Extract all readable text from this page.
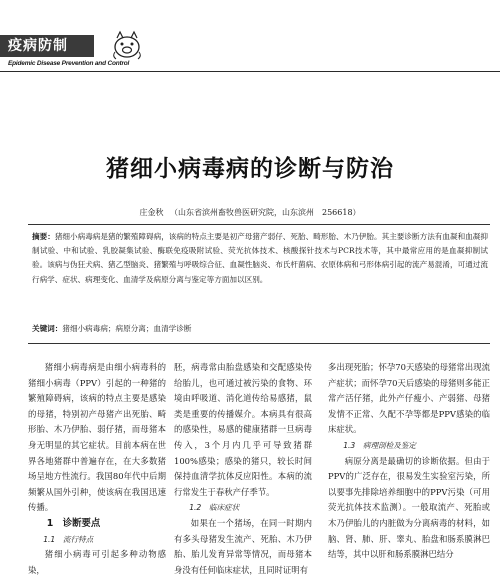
疫病防制
Epidemic Disease Prevention and Control
猪细小病毒病的诊断与防治
庄金秋 （山东省滨州畜牧兽医研究院，山东滨州　256618）
摘要：猪细小病毒病是猪的繁殖障碍病，该病的特点主要是初产母猪产弱仔、死胎、畸形胎、木乃伊胎。其主要诊断方法有血凝和血凝抑制试验、中和试验、乳胶凝集试验、酶联免疫吸附试验、荧光抗体技术、核酸探针技术与PCR技术等，其中最常应用的是血凝抑制试验。该病与伪狂犬病、猪乙型脑炎、猪繁殖与呼吸综合征、血凝性脑炎、布氏杆菌病、衣原体病和弓形体病引起的流产易混淆，可通过流行病学、症状、病理变化、血清学及病原分离与鉴定等方面加以区别。
关键词：猪细小病毒病；病原分离；血清学诊断

猪细小病毒病是由细小病毒科的猪细小病毒（PPV）引起的一种猪的繁殖障碍病，该病的特点主要是感染的母猪，特别初产母猪产出死胎、畸形胎、木乃伊胎、弱仔猪，而母猪本身无明显的其它症状。目前本病在世界各地猪群中普遍存在，在大多数猪场呈地方性流行。我国80年代中后期频繁从国外引种，使该病在我国迅速传播。

1　诊断要点

1.1　流行特点

猪细小病毒可引起多种动物感染，

胚，病毒常由胎盘感染和交配感染传给胎儿，也可通过被污染的食物、环境由呼吸道、消化道传给易感猪，鼠类是重要的传播媒介。本病具有很高的感染性，易感的健康猪群一旦病毒传入，3个月内几乎可导致猪群100%感染；感染的猪只，较长时间保持血清学抗体反应阳性。本病的流行常发生于春秋产仔季节。

1.2　临床症状

如果在一个猪场，在同一时期内有多头母猪发生流产、死胎、木乃伊胎、胎儿发育异常等情况，而母猪本身没有任何临床症状，且同时证明有

多出现死胎；怀孕70天感染的母猪常出现流产症状；而怀孕70天后感染的母猪则多能正常产活仔猪，此外产仔瘦小、产弱猪、母猪发情不正常、久配不孕等都是PPV感染的临床症状。

1.3　病理剖检及鉴定

病原分离是最确切的诊断依据。但由于PPV的广泛存在，很易发生实验室污染，所以要事先排除培养细胞中的PPV污染（可用荧光抗体技术监测）。一般取流产、死胎或木乃伊胎儿的内脏做为分离病毒的材料，如脑、肾、肺、肝、睾丸、胎盘和肠系膜淋巴结等，其中以肝和肠系膜淋巴结分
